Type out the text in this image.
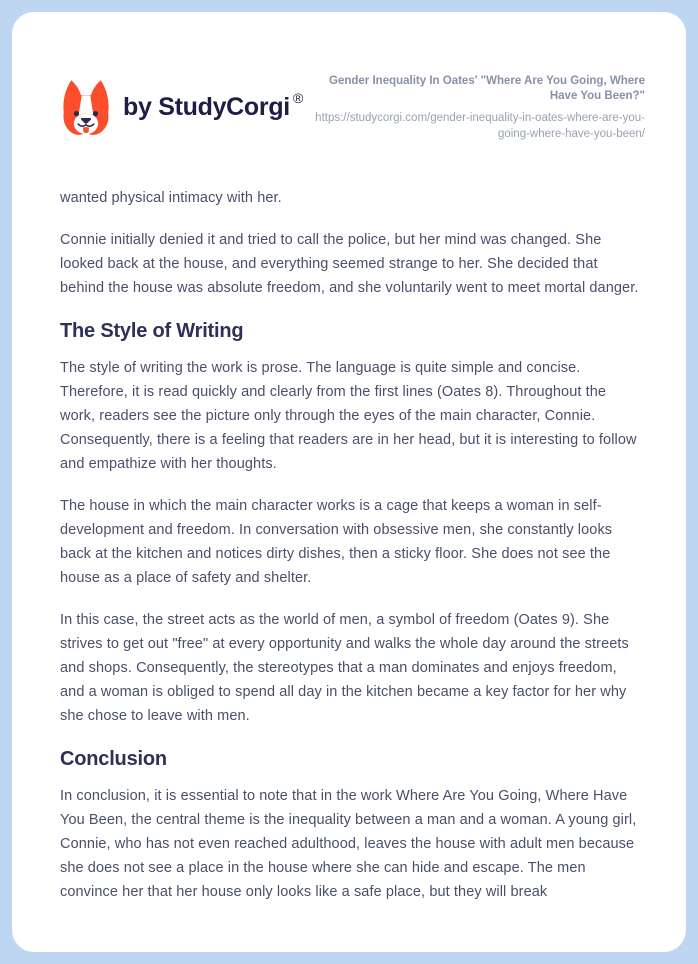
by StudyCorgi ®
Gender Inequality In Oates' "Where Are You Going, Where Have You Been?"
https://studycorgi.com/gender-inequality-in-oates-where-are-you-going-where-have-you-been/

wanted physical intimacy with her.

Connie initially denied it and tried to call the police, but her mind was changed. She looked back at the house, and everything seemed strange to her. She decided that behind the house was absolute freedom, and she voluntarily went to meet mortal danger.

The Style of Writing

The style of writing the work is prose. The language is quite simple and concise. Therefore, it is read quickly and clearly from the first lines (Oates 8). Throughout the work, readers see the picture only through the eyes of the main character, Connie. Consequently, there is a feeling that readers are in her head, but it is interesting to follow and empathize with her thoughts.

The house in which the main character works is a cage that keeps a woman in self-development and freedom. In conversation with obsessive men, she constantly looks back at the kitchen and notices dirty dishes, then a sticky floor. She does not see the house as a place of safety and shelter.

In this case, the street acts as the world of men, a symbol of freedom (Oates 9). She strives to get out "free" at every opportunity and walks the whole day around the streets and shops. Consequently, the stereotypes that a man dominates and enjoys freedom, and a woman is obliged to spend all day in the kitchen became a key factor for her why she chose to leave with men.

Conclusion

In conclusion, it is essential to note that in the work Where Are You Going, Where Have You Been, the central theme is the inequality between a man and a woman. A young girl, Connie, who has not even reached adulthood, leaves the house with adult men because she does not see a place in the house where she can hide and escape. The men convince her that her house only looks like a safe place, but they will break
